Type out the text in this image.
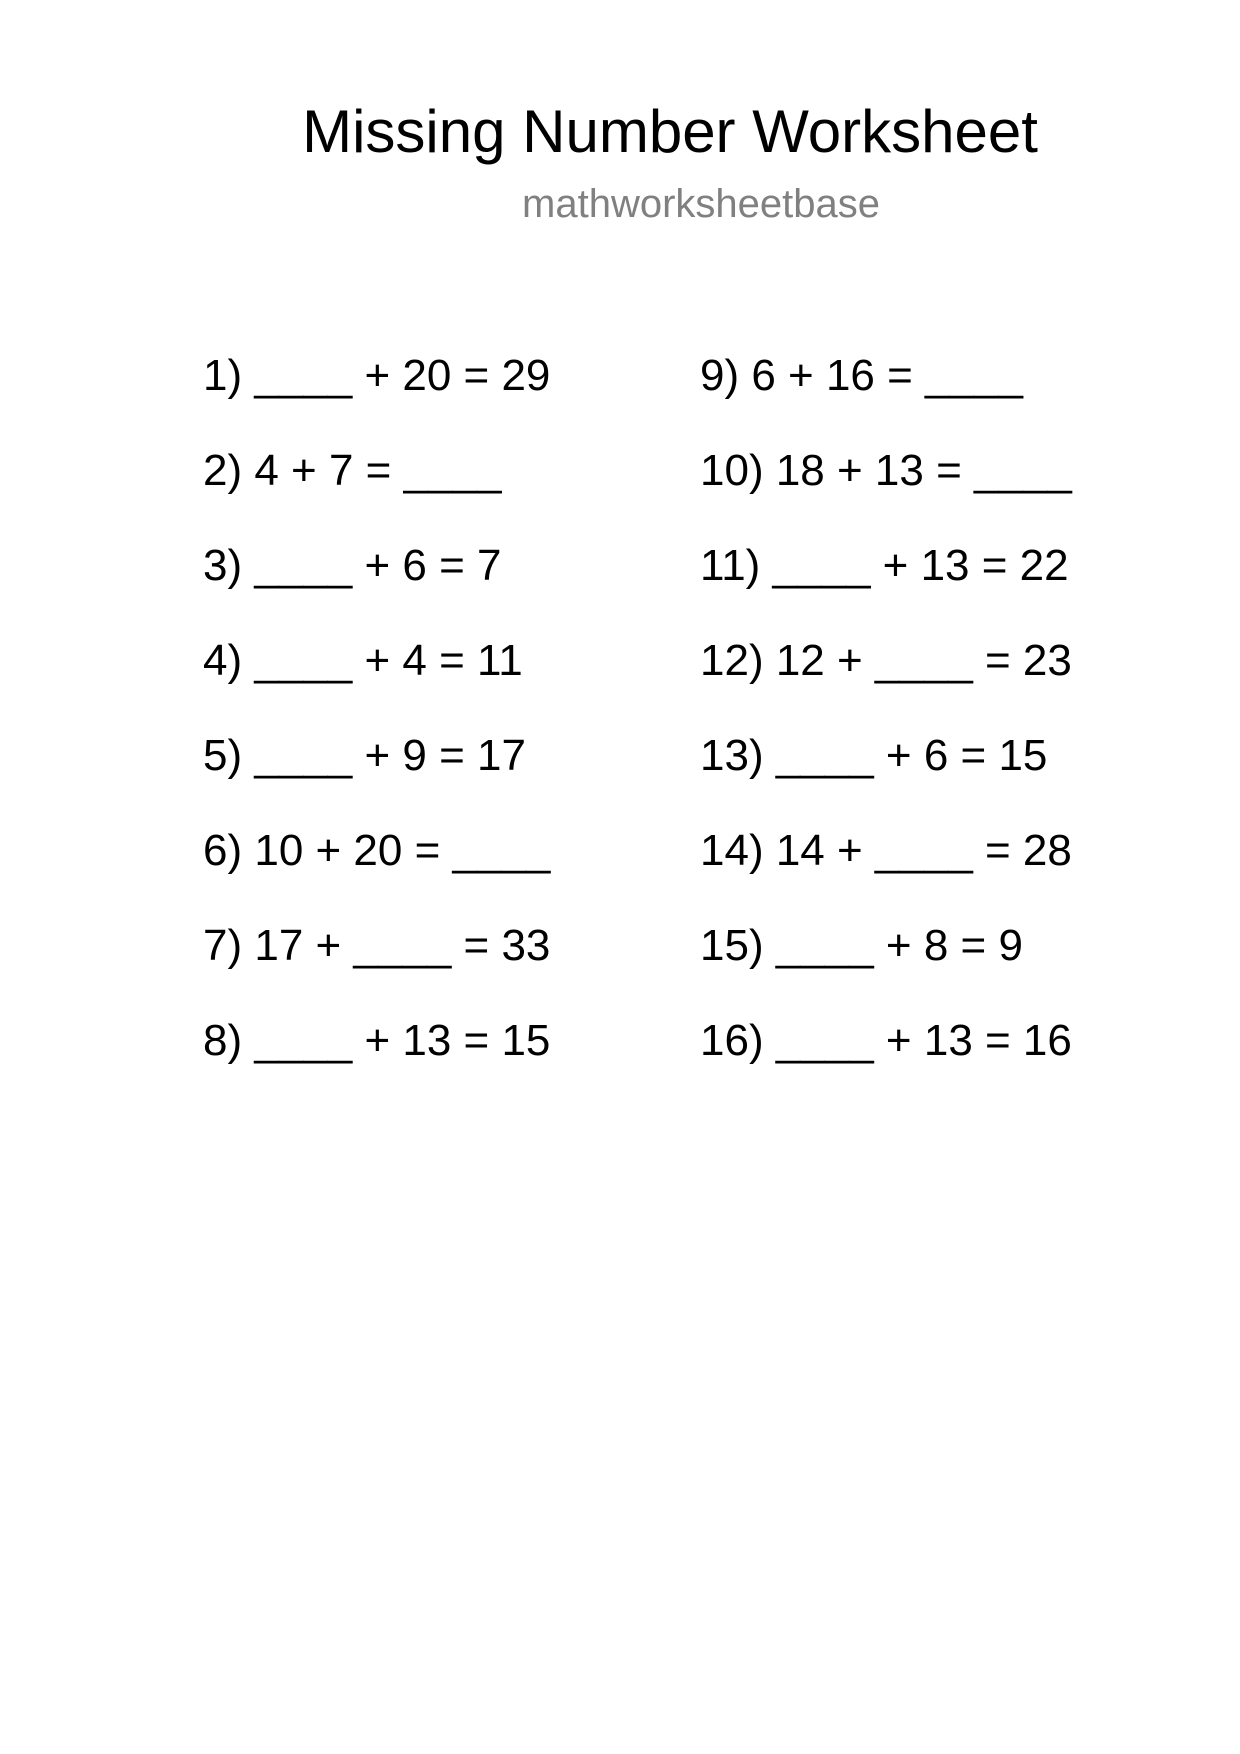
Missing Number Worksheet
mathworksheetbase
1) ____ + 20 = 29
2) 4 + 7 = ____
3) ____ + 6 = 7
4) ____ + 4 = 11
5) ____ + 9 = 17
6) 10 + 20 = ____
7) 17 + ____ = 33
8) ____ + 13 = 15
9) 6 + 16 = ____
10) 18 + 13 = ____
11) ____ + 13 = 22
12) 12 + ____ = 23
13) ____ + 6 = 15
14) 14 + ____ = 28
15) ____ + 8 = 9
16) ____ + 13 = 16
